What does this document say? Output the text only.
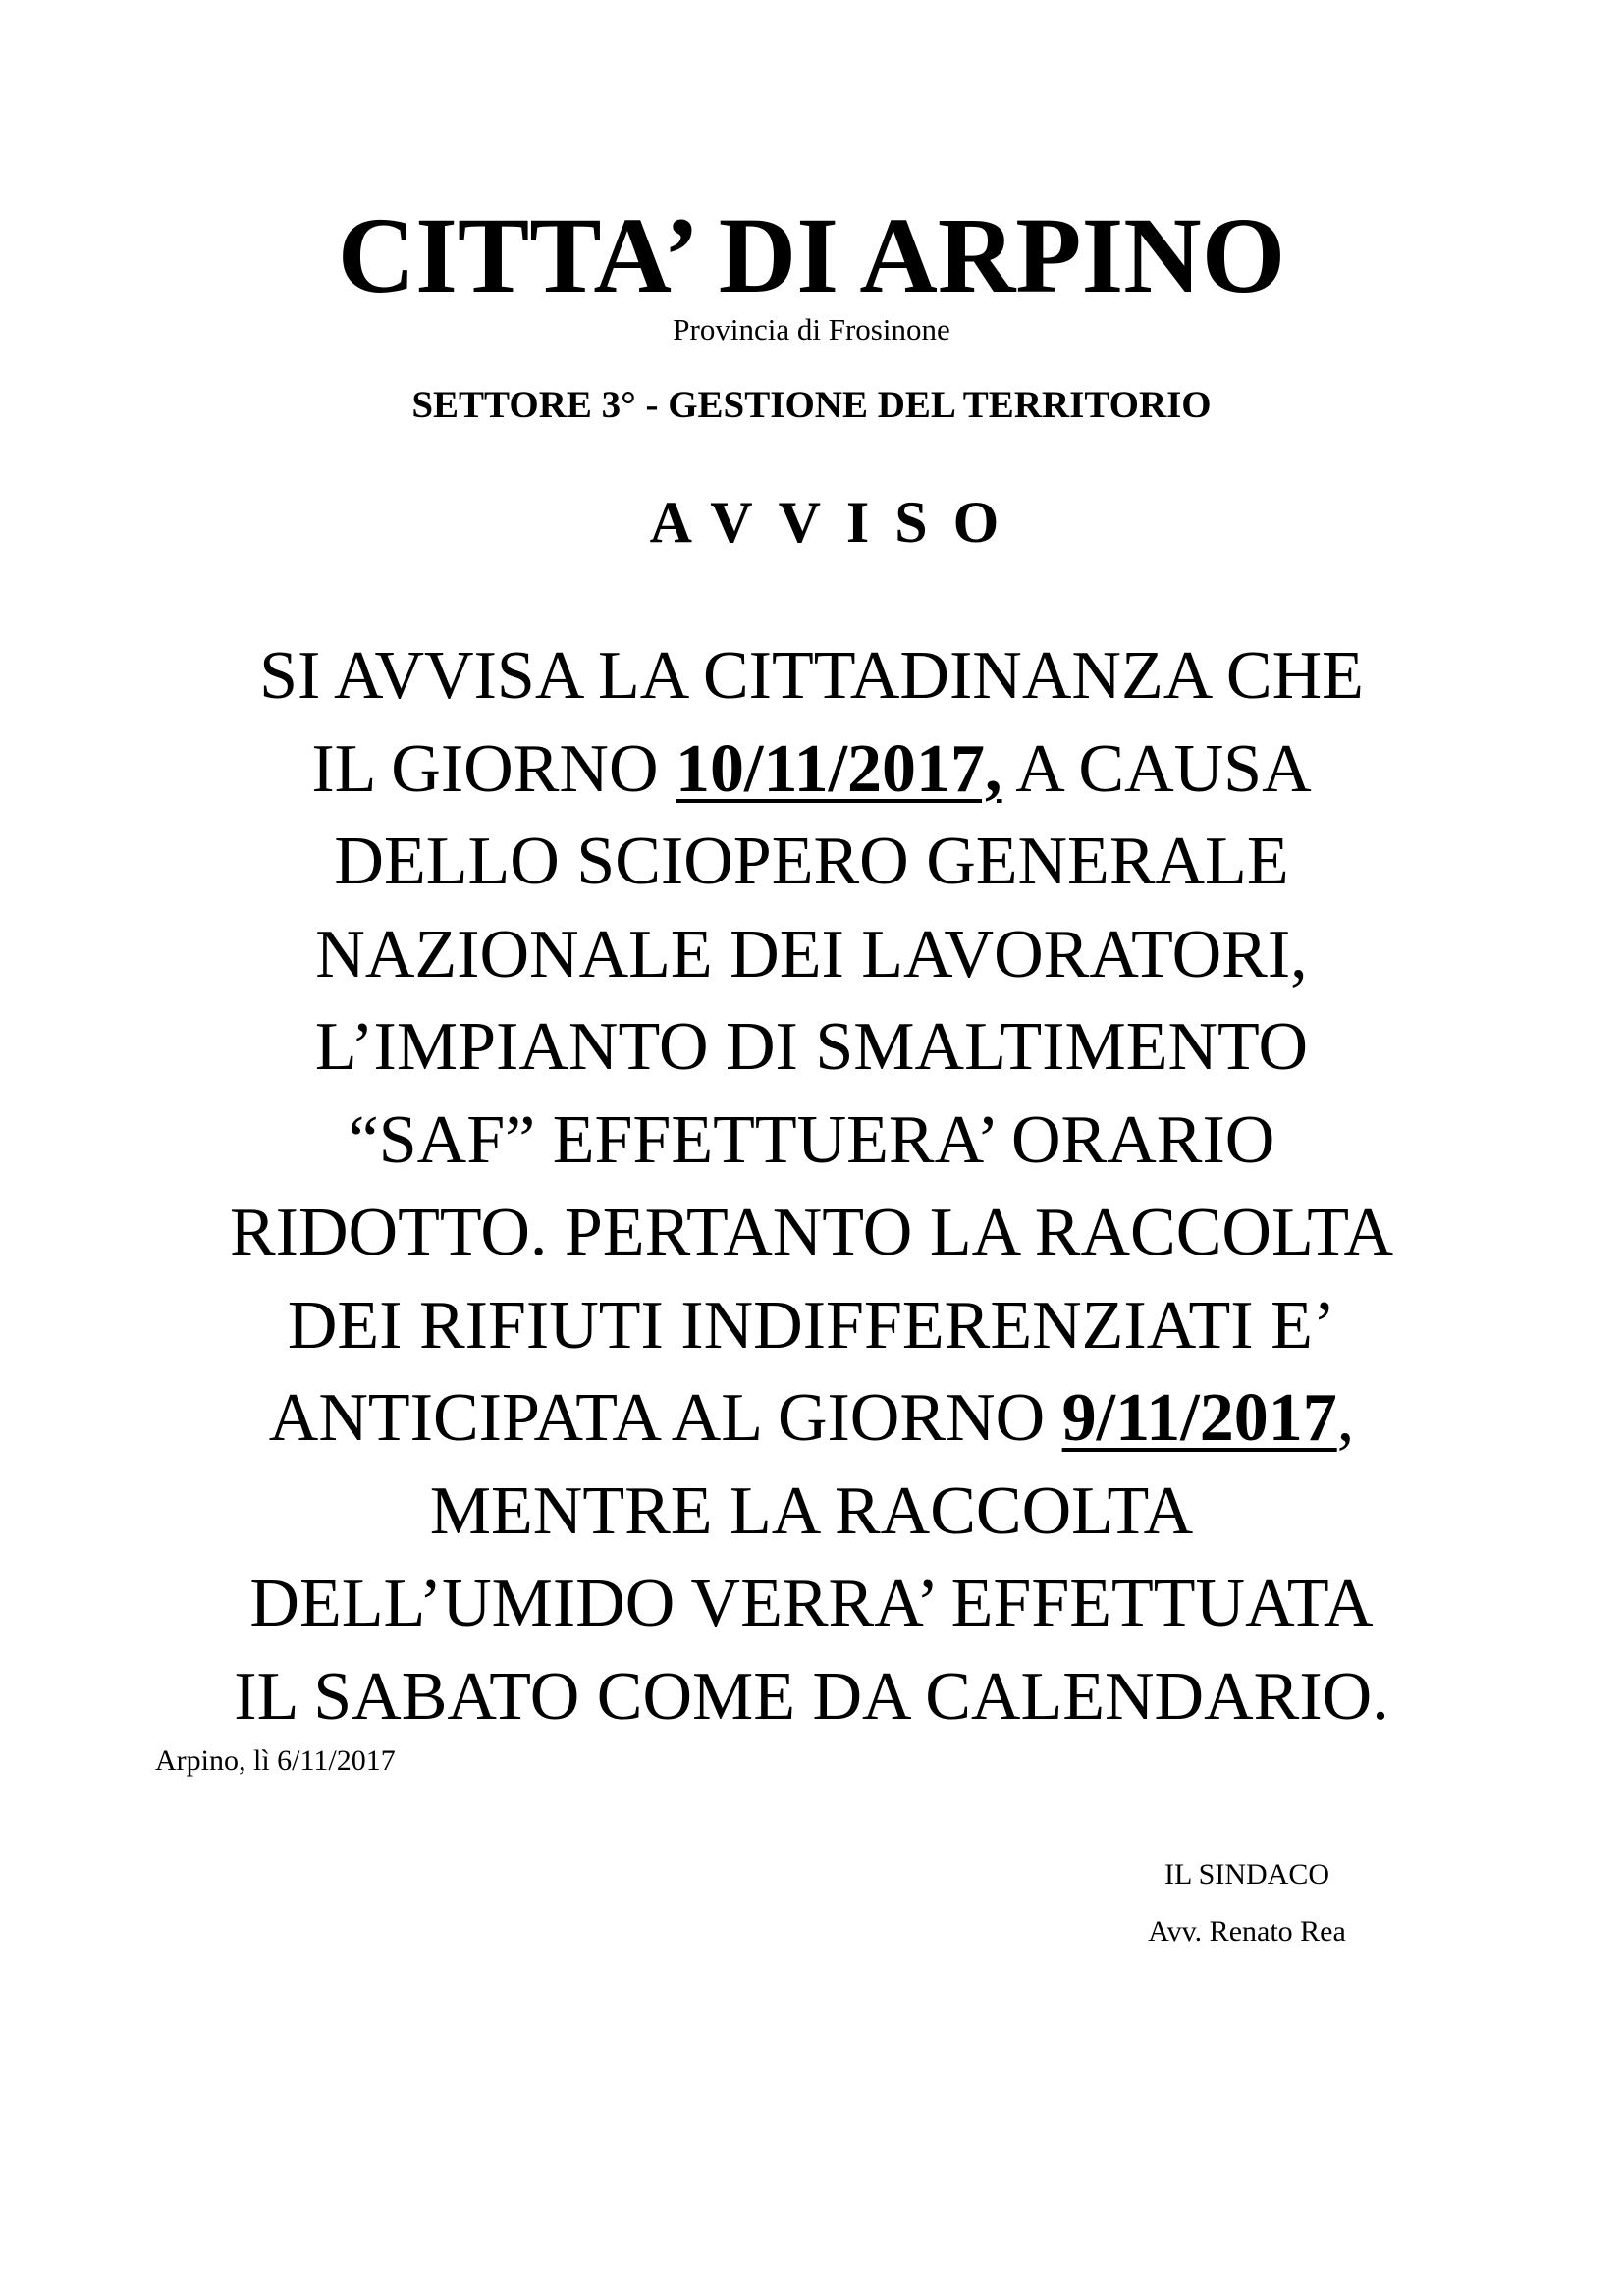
CITTA’ DI ARPINO
Provincia di Frosinone
SETTORE 3° - GESTIONE DEL TERRITORIO
AVVISO
SI AVVISA LA CITTADINANZA CHE
IL GIORNO 10/11/2017, A CAUSA
DELLO SCIOPERO GENERALE
NAZIONALE DEI LAVORATORI,
L’IMPIANTO DI SMALTIMENTO
“SAF” EFFETTUERA’ ORARIO
RIDOTTO. PERTANTO LA RACCOLTA
DEI RIFIUTI INDIFFERENZIATI E’
ANTICIPATA AL GIORNO 9/11/2017,
MENTRE LA RACCOLTA
DELL’UMIDO VERRA’ EFFETTUATA
IL SABATO COME DA CALENDARIO.
Arpino, lì 6/11/2017
IL SINDACO
Avv. Renato Rea
